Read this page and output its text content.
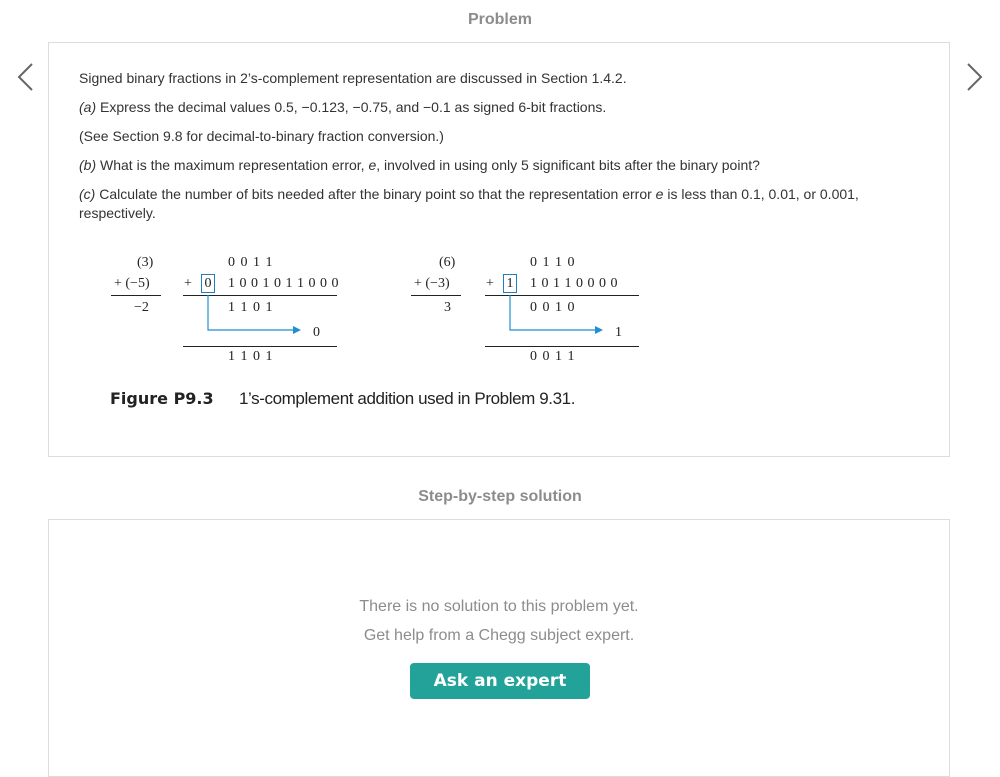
Problem

Signed binary fractions in 2’s-complement representation are discussed in Section 1.4.2.

(a) Express the decimal values 0.5, −0.123, −0.75, and −0.1 as signed 6-bit fractions.

(See Section 9.8 for decimal-to-binary fraction conversion.)

(b) What is the maximum representation error, e, involved in using only 5 significant bits after the binary point?

(c) Calculate the number of bits needed after the binary point so that the representation error e is less than 0.1, 0.01, or 0.001, respectively.

(3)
+ (−5)
−2
0 0 1 1
+ 0 1 0 0 1 0 1 1 0 0 0
1 1 0 1
0
1 1 0 1
(6)
+ (−3)
3
0 1 1 0
+ 1 1 0 1 1 0 0 0 0
0 0 1 0
1
0 0 1 1
Figure P9.3 1’s-complement addition used in Problem 9.31.
Step-by-step solution
There is no solution to this problem yet.
Get help from a Chegg subject expert.
Ask an expert
